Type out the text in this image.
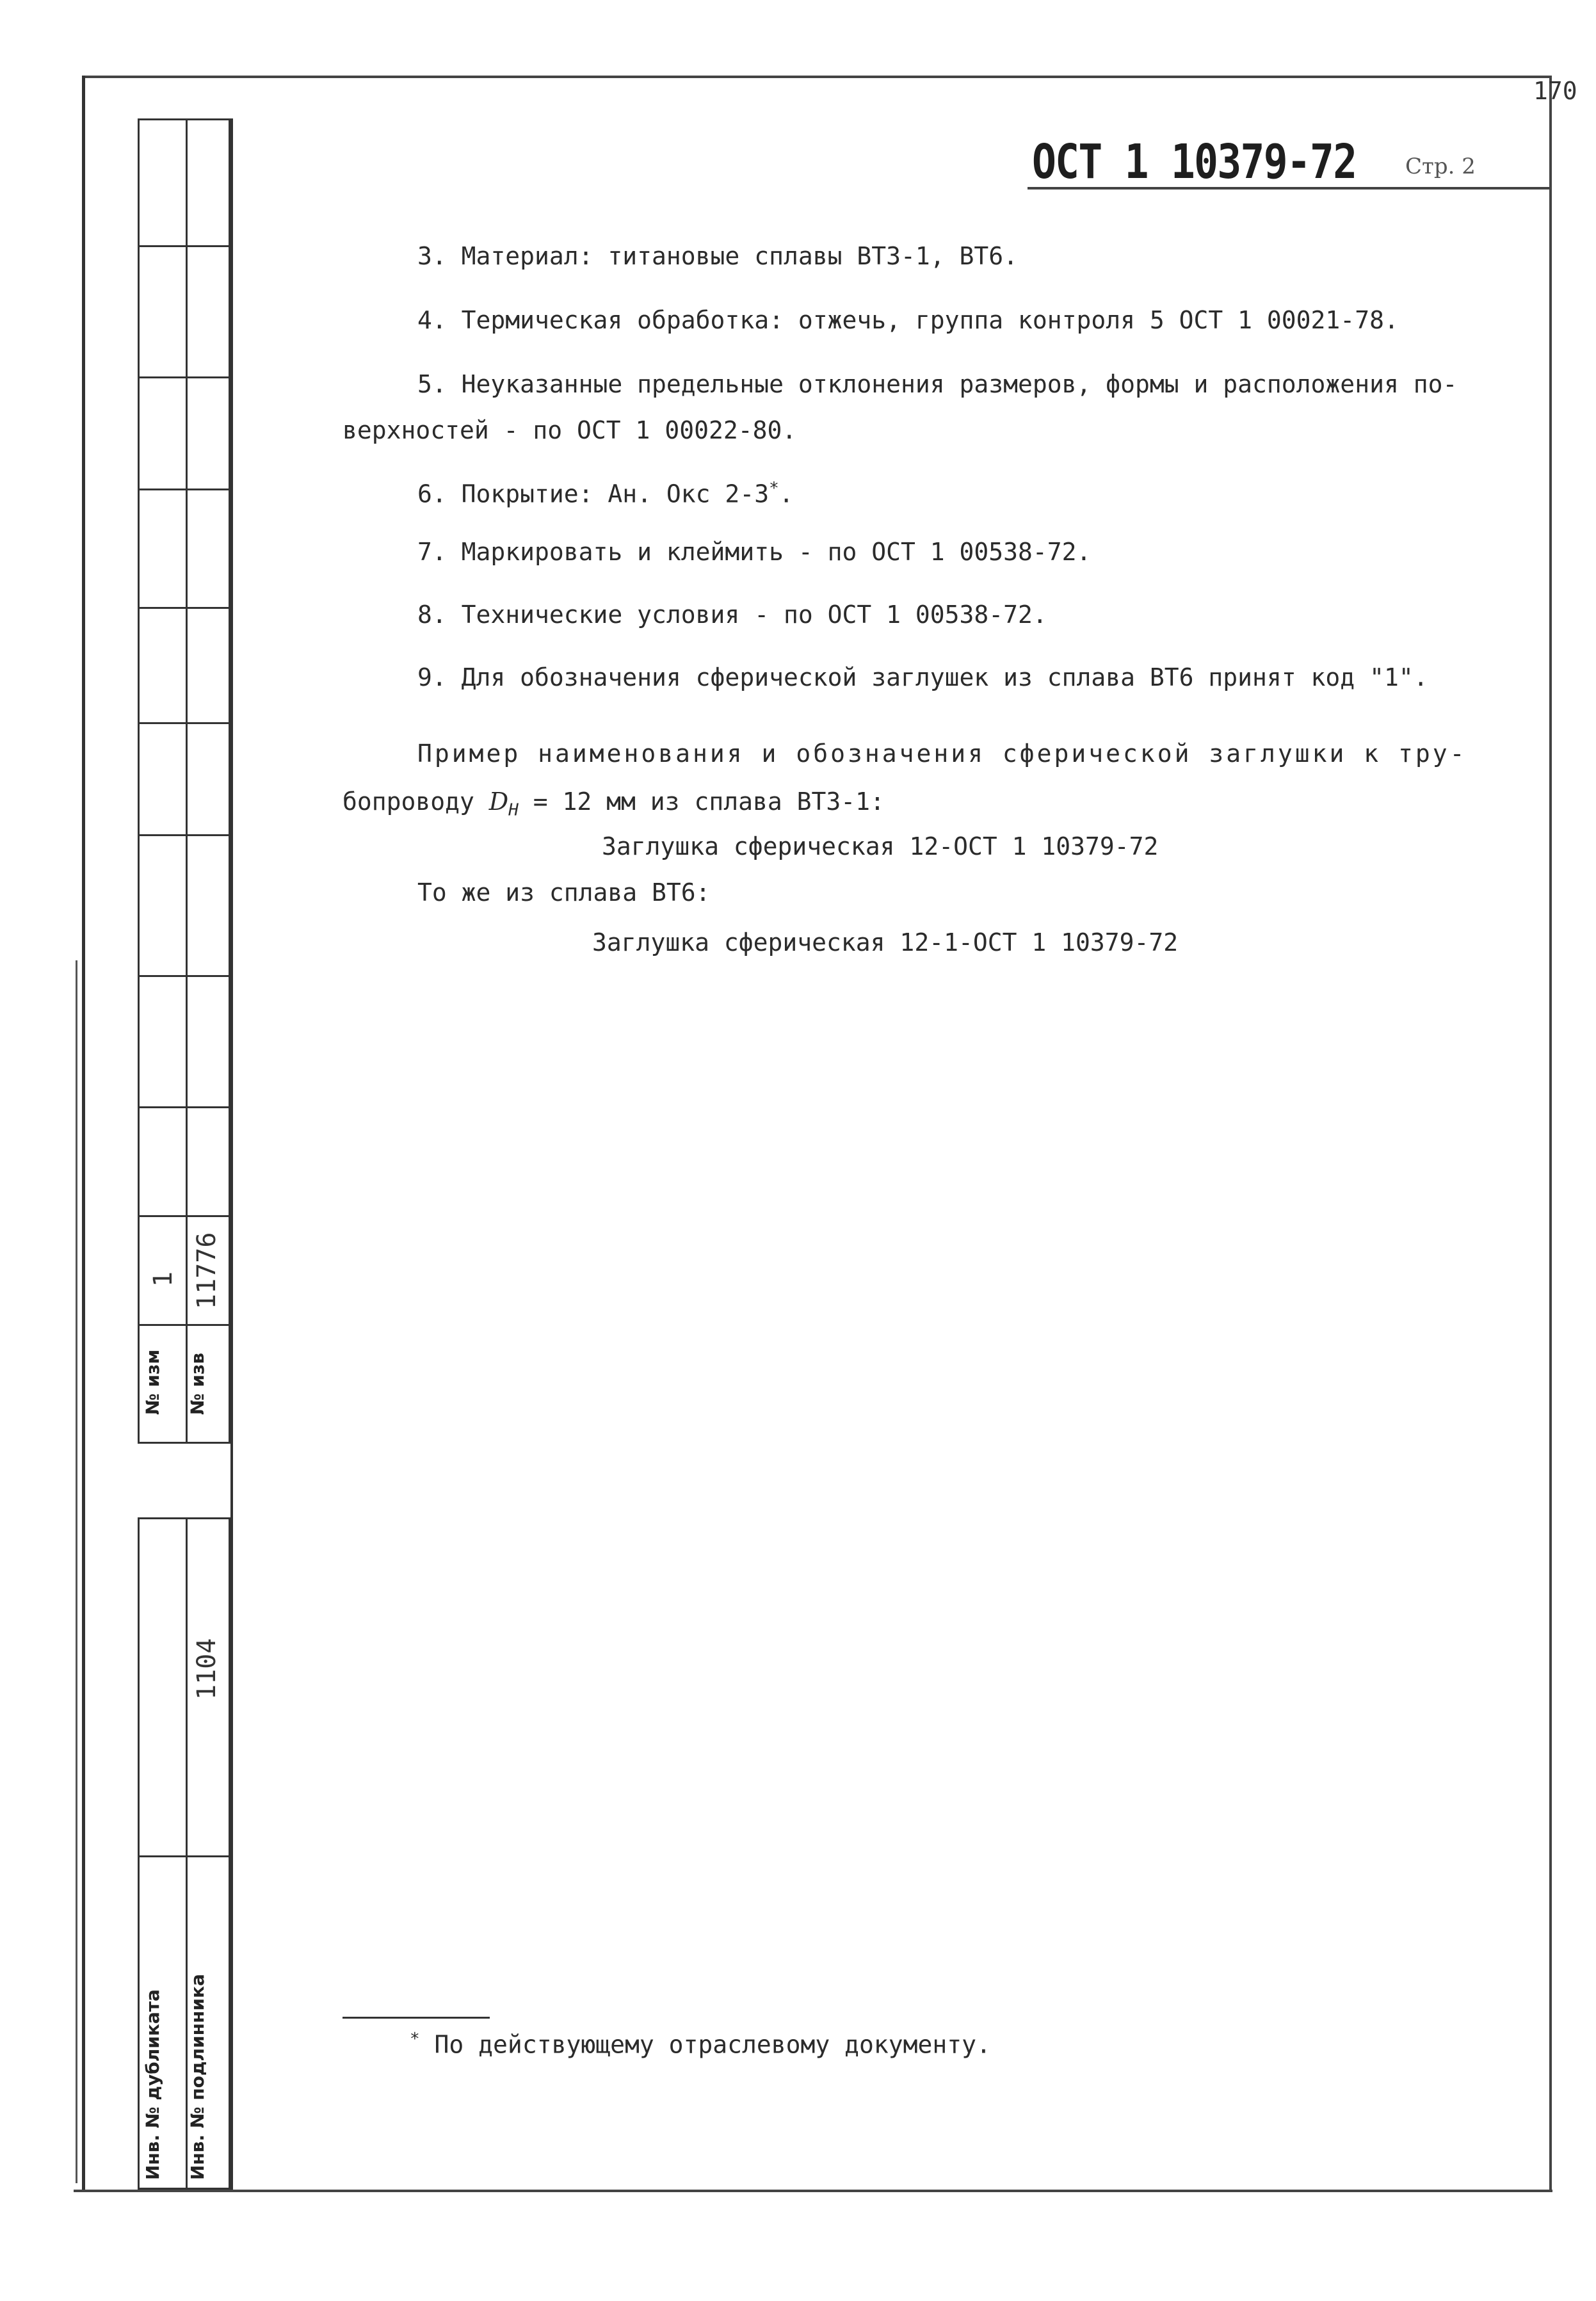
№ изм № изв
1 11776
Инв. № дубликата Инв. № подлинника
1104
170
ОСТ 1 10379-72 Стр. 2
3. Материал: титановые сплавы ВТ3-1, ВТ6.
4. Термическая обработка: отжечь, группа контроля 5 ОСТ 1 00021-78.
5. Неуказанные предельные отклонения размеров, формы и расположения по-
верхностей - по ОСТ 1 00022-80.
6. Покрытие: Ан. Окс 2-3*.
7. Маркировать и клеймить - по ОСТ 1 00538-72.
8. Технические условия - по ОСТ 1 00538-72.
9. Для обозначения сферической заглушек из сплава ВТ6 принят код "1".
Пример наименования и обозначения сферической заглушки к тру-
бопроводу $D_Н = 12$ мм из сплава ВТ3-1:
Заглушка сферическая 12-ОСТ 1 10379-72
То же из сплава ВТ6:
Заглушка сферическая 12-1-ОСТ 1 10379-72
* По действующему отраслевому документу.
